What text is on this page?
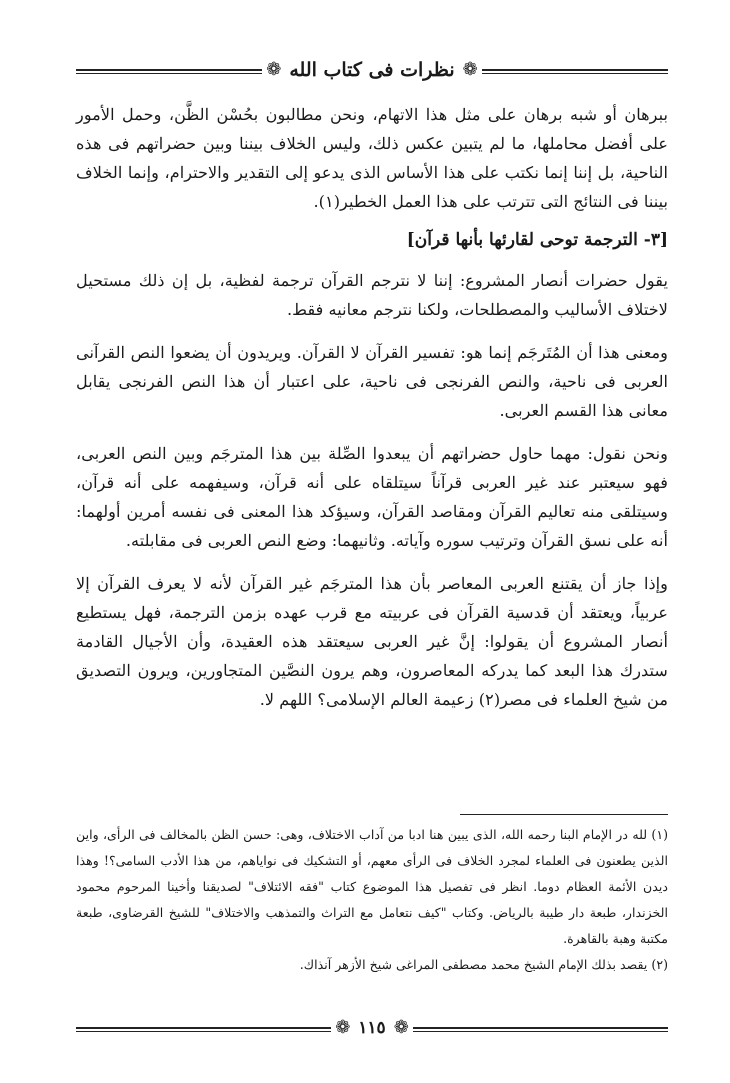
❁
نظرات فى كتاب الله
❁

ببرهان أو شبه برهان على مثل هذا الاتهام، ونحن مطالبون بحُسْن الظَّن، وحمل الأمور على أفضل محاملها، ما لم يتبين عكس ذلك، وليس الخلاف بيننا وبين حضراتهم فى هذه الناحية، بل إننا إنما نكتب على هذا الأساس الذى يدعو إلى التقدير والاحترام، وإنما الخلاف بيننا فى النتائج التى تترتب على هذا العمل الخطير(١).

[٣- الترجمة توحى لقارئها بأنها قرآن]

يقول حضرات أنصار المشروع: إننا لا نترجم القرآن ترجمة لفظية، بل إن ذلك مستحيل لاختلاف الأساليب والمصطلحات، ولكنا نترجم معانيه فقط.

ومعنى هذا أن المُتَرجَم إنما هو: تفسير القرآن لا القرآن. ويريدون أن يضعوا النص القرآنى العربى فى ناحية، والنص الفرنجى فى ناحية، على اعتبار أن هذا النص الفرنجى يقابل معانى هذا القسم العربى.

ونحن نقول: مهما حاول حضراتهم أن يبعدوا الصِّلة بين هذا المترجَم وبين النص العربى، فهو سيعتبر عند غير العربى قرآناً سيتلقاه على أنه قرآن، وسيفهمه على أنه قرآن، وسيتلقى منه تعاليم القرآن ومقاصد القرآن، وسيؤكد هذا المعنى فى نفسه أمرين أولهما: أنه على نسق القرآن وترتيب سوره وآياته. وثانيهما: وضع النص العربى فى مقابلته.

وإذا جاز أن يقتنع العربى المعاصر بأن هذا المترجَم غير القرآن لأنه لا يعرف القرآن إلا عربياً، ويعتقد أن قدسية القرآن فى عربيته مع قرب عهده بزمن الترجمة، فهل يستطيع أنصار المشروع أن يقولوا: إنَّ غير العربى سيعتقد هذه العقيدة، وأن الأجيال القادمة ستدرك هذا البعد كما يدركه المعاصرون، وهم يرون النصَّين المتجاورين، ويرون التصديق من شيخ العلماء فى مصر(٢) زعيمة العالم الإسلامى؟ اللهم لا.

(١) لله در الإمام البنا رحمه الله، الذى يبين هنا ادبا من آداب الاختلاف، وهى: حسن الظن بالمخالف فى الرأى، واين الذين يطعنون فى العلماء لمجرد الخلاف فى الرأى معهم، أو التشكيك فى نواياهم، من هذا الأدب السامى؟! وهذا ديدن الأئمة العظام دوما. انظر فى تفصيل هذا الموضوع كتاب "فقه الائتلاف" لصديقنا وأخينا المرحوم محمود الخزندار، طبعة دار طيبة بالرياض. وكتاب "كيف نتعامل مع التراث والتمذهب والاختلاف" للشيخ القرضاوى، طبعة مكتبة وهبة بالقاهرة.

(٢) يقصد بذلك الإمام الشيخ محمد مصطفى المراغى شيخ الأزهر آنذاك.

❁
١١٥
❁
